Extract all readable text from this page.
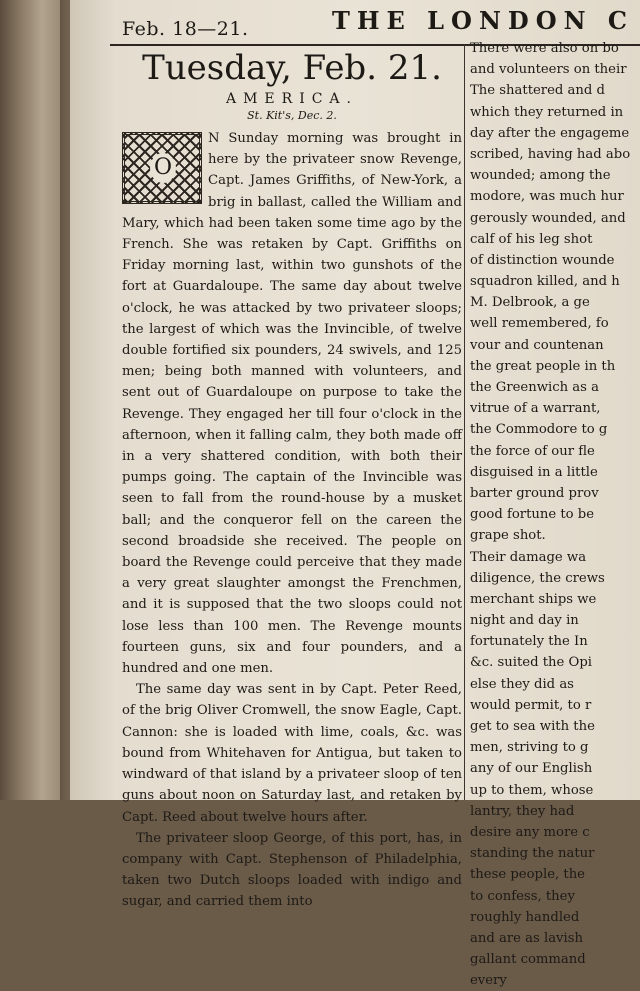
Feb. 18—21.	THE LONDON C
Tuesday, Feb. 21.
AMERICA.
St. Kit's, Dec. 2.
O

N Sunday morning was brought in here by the privateer snow Revenge, Capt. James Griffiths, of New-York, a brig in ballast, called the William and Mary, which had been taken some time ago by the French. She was retaken by Capt. Griffiths on Friday morning last, within two gunshots of the fort at Guardaloupe. The same day about twelve o'clock, he was attacked by two privateer sloops; the largest of which was the Invincible, of twelve double fortified six pounders, 24 swivels, and 125 men; being both manned with volunteers, and sent out of Guardaloupe on purpose to take the Revenge. They engaged her till four o'clock in the afternoon, when it falling calm, they both made off in a very shattered condition, with both their pumps going. The captain of the Invincible was seen to fall from the round-house by a musket ball; and the conqueror fell on the careen the second broadside she received. The people on board the Revenge could perceive that they made a very great slaughter amongst the Frenchmen, and it is supposed that the two sloops could not lose less than 100 men. The Revenge mounts fourteen guns, six and four pounders, and a hundred and one men.

The same day was sent in by Capt. Peter Reed, of the brig Oliver Cromwell, the snow Eagle, Capt. Cannon: she is loaded with lime, coals, &c. was bound from Whitehaven for Antigua, but taken to windward of that island by a privateer sloop of ten guns about noon on Saturday last, and retaken by Capt. Reed about twelve hours after.

The privateer sloop George, of this port, has, in company with Capt. Stephenson of Philadelphia, taken two Dutch sloops loaded with indigo and sugar, and carried them into

There were also on bo
and volunteers on their
The shattered and d
which they returned in
day after the engageme
scribed, having had abo
wounded; among the
modore, was much hur
gerously wounded, and
calf of his leg shot
of distinction wounde
squadron killed, and h
M. Delbrook, a ge
well remembered, fo
vour and countenan
the great people in th
the Greenwich as a
vitrue of a warrant,
the Commodore to g
the force of our fle
disguised in a little
barter ground prov
good fortune to be
grape shot.
Their damage wa
diligence, the crews
merchant ships we
night and day in
fortunately the In
&c. suited the Opi
else they did as
would permit, to r
get to sea with the
men, striving to g
any of our English
up to them, whose
lantry, they had
desire any more c
standing the natur
these people, the
to confess, they
roughly handled
and are as lavish
gallant command
every
